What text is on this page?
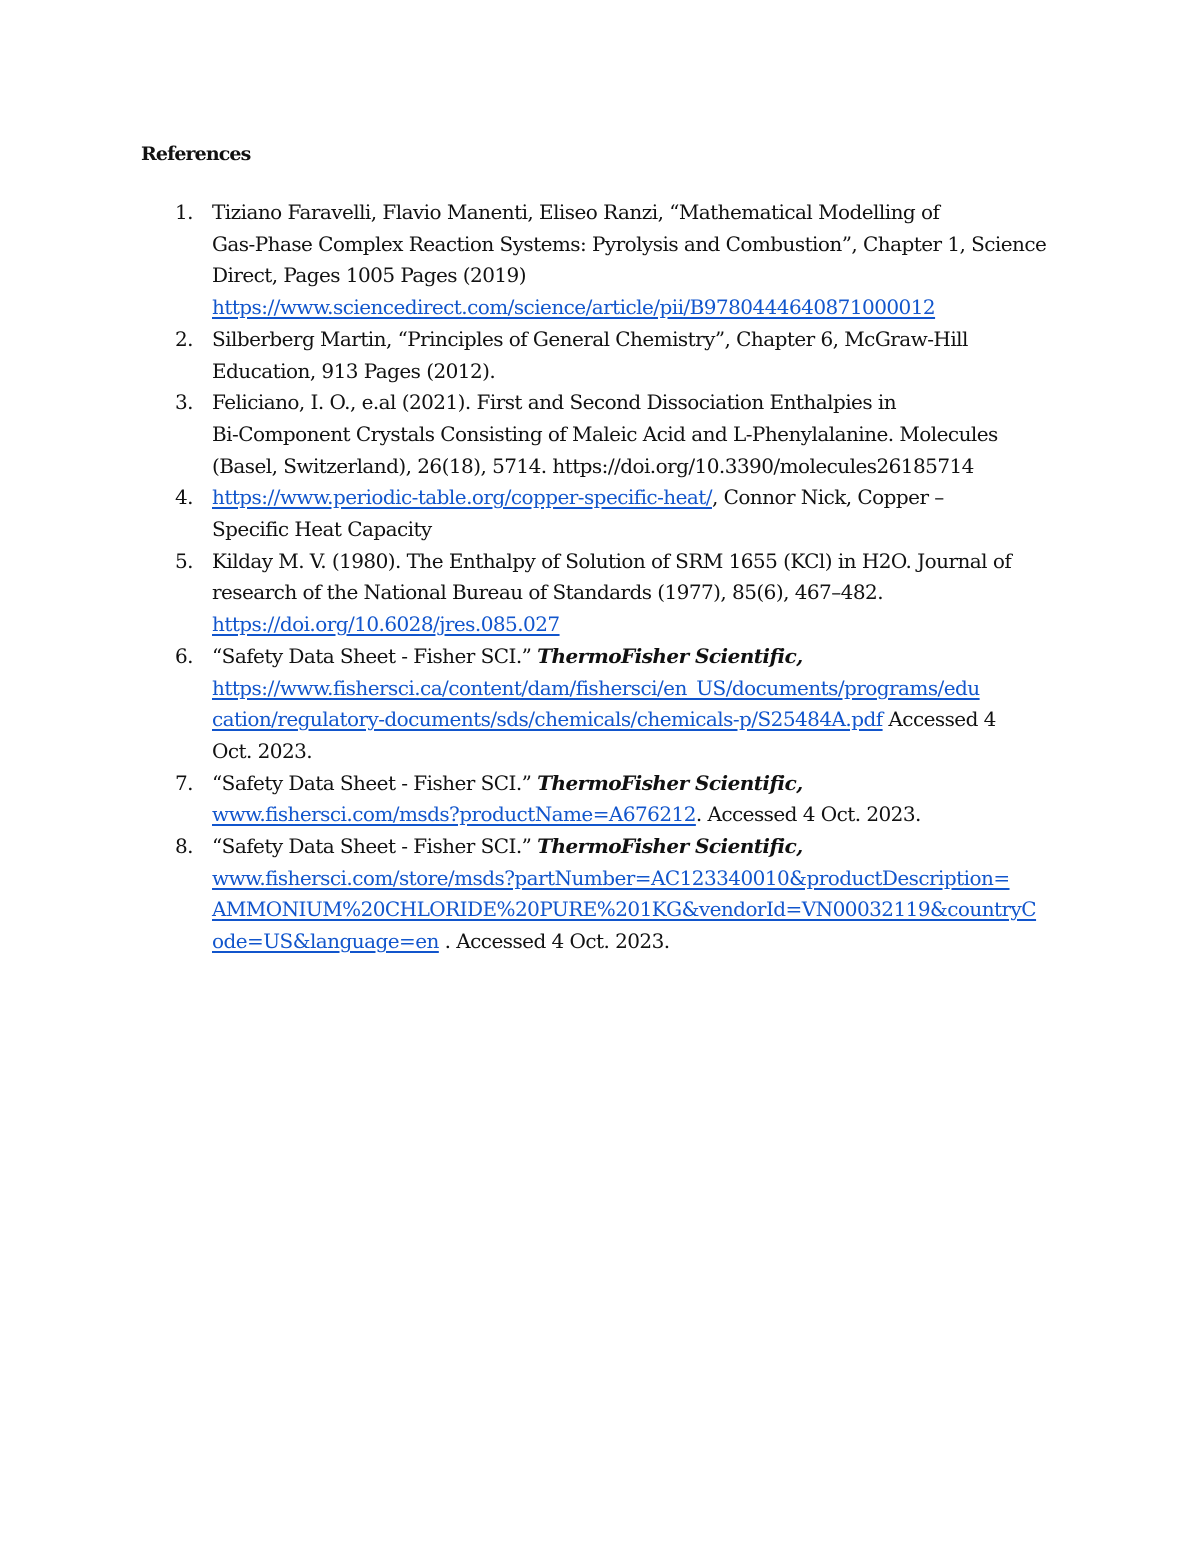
References
1. Tiziano Faravelli, Flavio Manenti, Eliseo Ranzi, “Mathematical Modelling of
Gas-Phase Complex Reaction Systems: Pyrolysis and Combustion”, Chapter 1, Science
Direct, Pages 1005 Pages (2019)
https://www.sciencedirect.com/science/article/pii/B9780444640871000012
2. Silberberg Martin, “Principles of General Chemistry”, Chapter 6, McGraw-Hill
Education, 913 Pages (2012).
3. Feliciano, I. O., e.al (2021). First and Second Dissociation Enthalpies in
Bi-Component Crystals Consisting of Maleic Acid and L-Phenylalanine. Molecules
(Basel, Switzerland), 26(18), 5714. https://doi.org/10.3390/molecules26185714
4. https://www.periodic-table.org/copper-specific-heat/, Connor Nick, Copper –
Specific Heat Capacity
5. Kilday M. V. (1980). The Enthalpy of Solution of SRM 1655 (KCl) in H2O. Journal of
research of the National Bureau of Standards (1977), 85(6), 467–482.
https://doi.org/10.6028/jres.085.027
6. “Safety Data Sheet - Fisher SCI.” ThermoFisher Scientific,
https://www.fishersci.ca/content/dam/fishersci/en_US/documents/programs/edu
cation/regulatory-documents/sds/chemicals/chemicals-p/S25484A.pdf Accessed 4
Oct. 2023.
7. “Safety Data Sheet - Fisher SCI.” ThermoFisher Scientific,
www.fishersci.com/msds?productName=A676212. Accessed 4 Oct. 2023.
8. “Safety Data Sheet - Fisher SCI.” ThermoFisher Scientific,
www.fishersci.com/store/msds?partNumber=AC123340010&productDescription=
AMMONIUM%20CHLORIDE%20PURE%201KG&vendorId=VN00032119&countryC
ode=US&language=en . Accessed 4 Oct. 2023.
